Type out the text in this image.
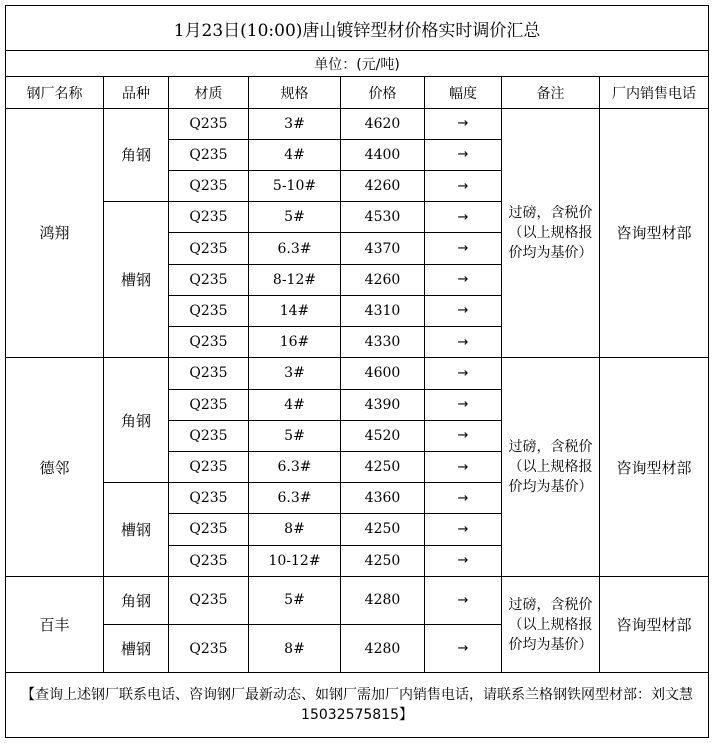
1月23日(10:00)唐山镀锌型材价格实时调价汇总							
单位：(元/吨)							
钢厂名称	品种	材质	规格	价格	幅度	备注	厂内销售电话
鸿翔	角钢	Q235	3#	4620	→	过磅，含税价（以上规格报价均为基价）	咨询型材部
		Q235	4#	4400	→		
		Q235	5-10#	4260	→		
	槽钢	Q235	5#	4530	→		
		Q235	6.3#	4370	→		
		Q235	8-12#	4260	→		
		Q235	14#	4310	→		
		Q235	16#	4330	→		
德邻	角钢	Q235	3#	4600	→	过磅，含税价（以上规格报价均为基价）	咨询型材部
		Q235	4#	4390	→		
		Q235	5#	4520	→		
		Q235	6.3#	4250	→		
	槽钢	Q235	6.3#	4360	→		
		Q235	8#	4250	→		
		Q235	10-12#	4250	→		
百丰	角钢	Q235	5#	4280	→	过磅，含税价（以上规格报价均为基价）	咨询型材部
	槽钢	Q235	8#	4280	→		
【查询上述钢厂联系电话、咨询钢厂最新动态、如钢厂需加厂内销售电话，请联系兰格钢铁网型材部：刘文慧15032575815】							
